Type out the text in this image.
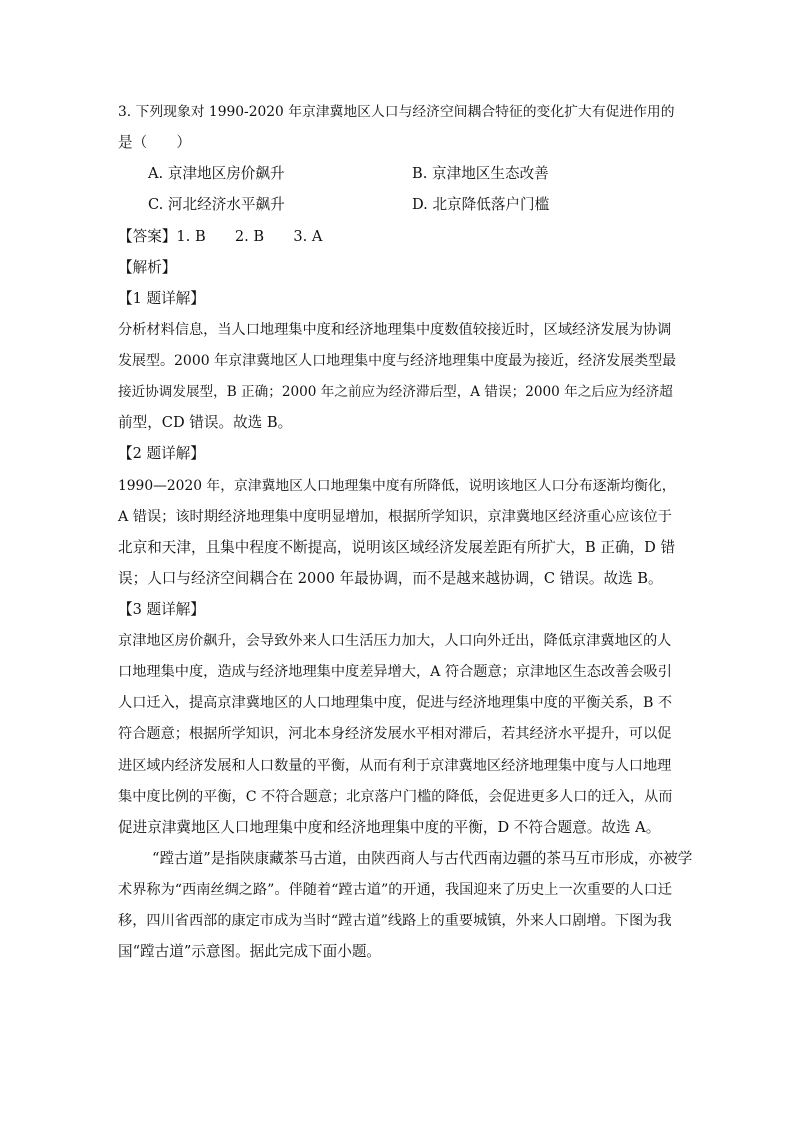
3. 下列现象对 1990-2020 年京津冀地区人口与经济空间耦合特征的变化扩大有促进作用的
是（　　）
A. 京津地区房价飙升	B. 京津地区生态改善
C. 河北经济水平飙升	D. 北京降低落户门槛
【答案】1. B　　2. B　　3. A
【解析】
【1 题详解】
分析材料信息，当人口地理集中度和经济地理集中度数值较接近时，区域经济发展为协调
发展型。2000 年京津冀地区人口地理集中度与经济地理集中度最为接近，经济发展类型最
接近协调发展型，B 正确；2000 年之前应为经济滞后型，A 错误；2000 年之后应为经济超
前型，CD 错误。故选 B。
【2 题详解】
1990—2020 年，京津冀地区人口地理集中度有所降低，说明该地区人口分布逐渐均衡化，
A 错误；该时期经济地理集中度明显增加，根据所学知识，京津冀地区经济重心应该位于
北京和天津，且集中程度不断提高，说明该区域经济发展差距有所扩大，B 正确，D 错
误；人口与经济空间耦合在 2000 年最协调，而不是越来越协调，C 错误。故选 B。
【3 题详解】
京津地区房价飙升，会导致外来人口生活压力加大，人口向外迁出，降低京津冀地区的人
口地理集中度，造成与经济地理集中度差异增大，A 符合题意；京津地区生态改善会吸引
人口迁入，提高京津冀地区的人口地理集中度，促进与经济地理集中度的平衡关系，B 不
符合题意；根据所学知识，河北本身经济发展水平相对滞后，若其经济水平提升，可以促
进区域内经济发展和人口数量的平衡，从而有利于京津冀地区经济地理集中度与人口地理
集中度比例的平衡，C 不符合题意；北京落户门槛的降低，会促进更多人口的迁入，从而
促进京津冀地区人口地理集中度和经济地理集中度的平衡，D 不符合题意。故选 A。
“蹚古道”是指陕康藏茶马古道，由陕西商人与古代西南边疆的茶马互市形成，亦被学
术界称为“西南丝绸之路”。伴随着“蹚古道”的开通，我国迎来了历史上一次重要的人口迁
移，四川省西部的康定市成为当时“蹚古道”线路上的重要城镇，外来人口剧增。下图为我
国“蹚古道”示意图。据此完成下面小题。
